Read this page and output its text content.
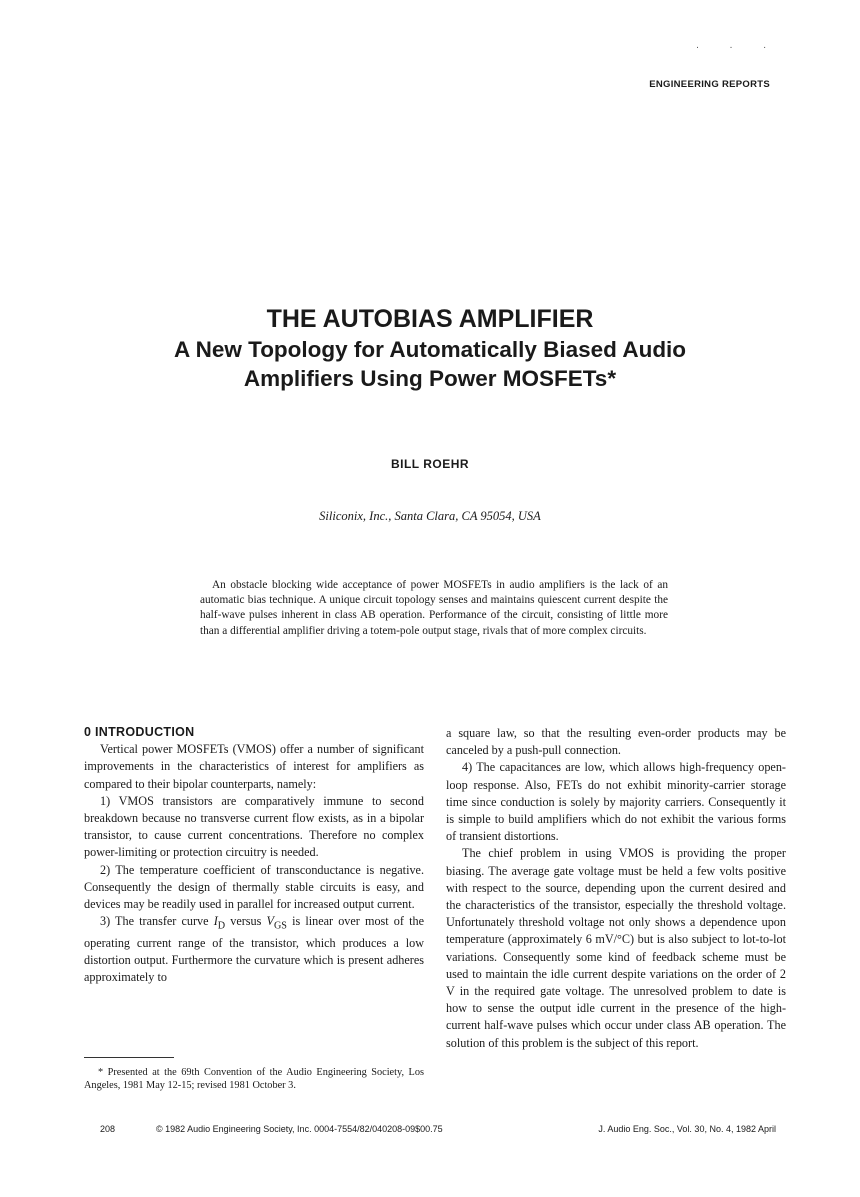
. . .
ENGINEERING REPORTS

THE AUTOBIAS AMPLIFIER

A New Topology for Automatically Biased Audio

Amplifiers Using Power MOSFETs*

BILL ROEHR
Siliconix, Inc., Santa Clara, CA 95054, USA

An obstacle blocking wide acceptance of power MOSFETs in audio amplifiers is the lack of an automatic bias technique. A unique circuit topology senses and maintains quiescent current despite the half-wave pulses inherent in class AB operation. Performance of the circuit, consisting of little more than a differential amplifier driving a totem-pole output stage, rivals that of more complex circuits.

0 INTRODUCTION

Vertical power MOSFETs (VMOS) offer a number of significant improvements in the characteristics of interest for amplifiers as compared to their bipolar counterparts, namely:

1) VMOS transistors are comparatively immune to second breakdown because no transverse current flow exists, as in a bipolar transistor, to cause current concentrations. Therefore no complex power-limiting or protection circuitry is needed.

2) The temperature coefficient of transconductance is negative. Consequently the design of thermally stable circuits is easy, and devices may be readily used in parallel for increased output current.

3) The transfer curve $I_D$ versus $V_{GS}$ is linear over most of the operating current range of the transistor, which produces a low distortion output. Furthermore the curvature which is present adheres approximately to

a square law, so that the resulting even-order products may be canceled by a push-pull connection.

4) The capacitances are low, which allows high-frequency open-loop response. Also, FETs do not exhibit minority-carrier storage time since conduction is solely by majority carriers. Consequently it is simple to build amplifiers which do not exhibit the various forms of transient distortions.

The chief problem in using VMOS is providing the proper biasing. The average gate voltage must be held a few volts positive with respect to the source, depending upon the current desired and the characteristics of the transistor, especially the threshold voltage. Unfortunately threshold voltage not only shows a dependence upon temperature (approximately 6 mV/°C) but is also subject to lot-to-lot variations. Consequently some kind of feedback scheme must be used to maintain the idle current despite variations on the order of 2 V in the required gate voltage. The unresolved problem to date is how to sense the output idle current in the presence of the high-current half-wave pulses which occur under class AB operation. The solution of this problem is the subject of this report.

* Presented at the 69th Convention of the Audio Engineering Society, Los Angeles, 1981 May 12-15; revised 1981 October 3.

208	© 1982 Audio Engineering Society, Inc. 0004-7554/82/040208-09$00.75	J. Audio Eng. Soc., Vol. 30, No. 4, 1982 April
